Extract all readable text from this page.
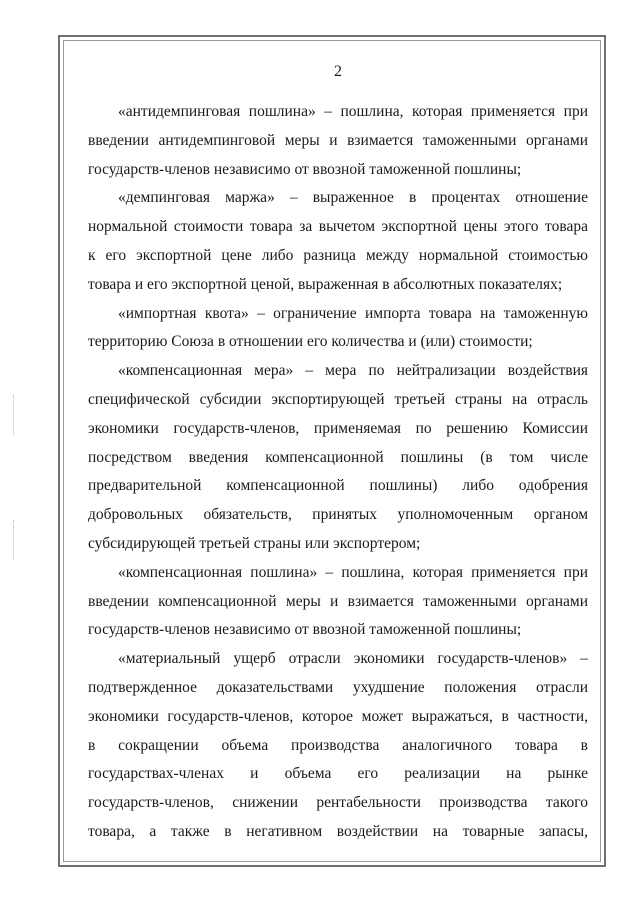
2

«антидемпинговая пошлина» – пошлина, которая применяется при
введении антидемпинговой меры и взимается таможенными органами
государств-членов независимо от ввозной таможенной пошлины;

«демпинговая маржа» – выраженное в процентах отношение
нормальной стоимости товара за вычетом экспортной цены этого товара
к его экспортной цене либо разница между нормальной стоимостью
товара и его экспортной ценой, выраженная в абсолютных показателях;

«импортная квота» – ограничение импорта товара на таможенную
территорию Союза в отношении его количества и (или) стоимости;

«компенсационная мера» – мера по нейтрализации воздействия
специфической субсидии экспортирующей третьей страны на отрасль
экономики государств-членов, применяемая по решению Комиссии
посредством введения компенсационной пошлины (в том числе
предварительной компенсационной пошлины) либо одобрения
добровольных обязательств, принятых уполномоченным органом
субсидирующей третьей страны или экспортером;

«компенсационная пошлина» – пошлина, которая применяется при
введении компенсационной меры и взимается таможенными органами
государств-членов независимо от ввозной таможенной пошлины;

«материальный ущерб отрасли экономики государств-членов» –
подтвержденное доказательствами ухудшение положения отрасли
экономики государств-членов, которое может выражаться, в частности,
в сокращении объема производства аналогичного товара в
государствах-членах и объема его реализации на рынке
государств-членов, снижении рентабельности производства такого
товара, а также в негативном воздействии на товарные запасы,
